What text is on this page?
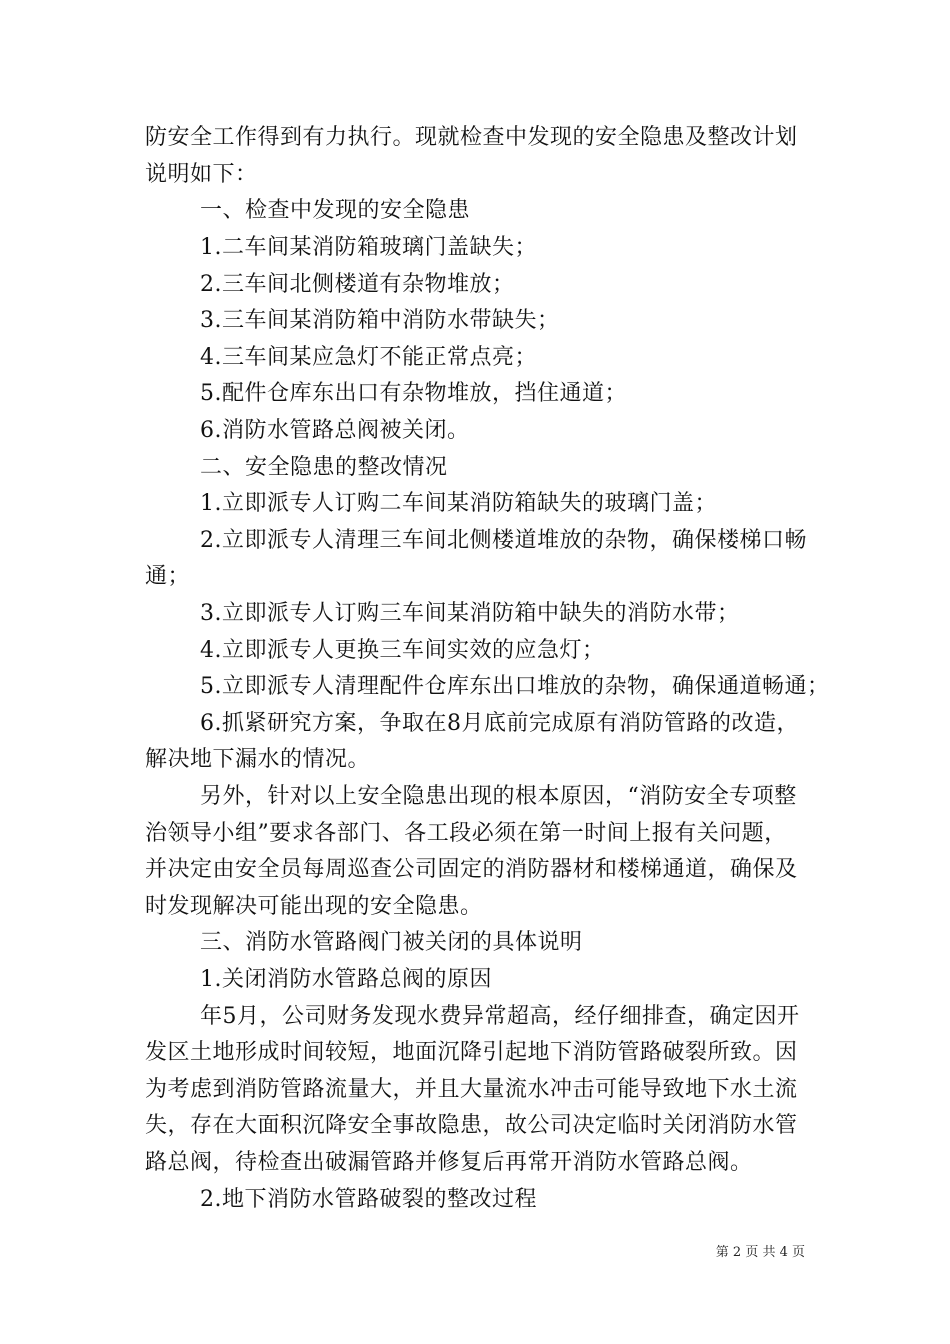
防安全工作得到有力执行。现就检查中发现的安全隐患及整改计划
说明如下：
一、检查中发现的安全隐患
1.二车间某消防箱玻璃门盖缺失；
2.三车间北侧楼道有杂物堆放；
3.三车间某消防箱中消防水带缺失；
4.三车间某应急灯不能正常点亮；
5.配件仓库东出口有杂物堆放，挡住通道；
6.消防水管路总阀被关闭。
二、安全隐患的整改情况
1.立即派专人订购二车间某消防箱缺失的玻璃门盖；
2.立即派专人清理三车间北侧楼道堆放的杂物，确保楼梯口畅
通；
3.立即派专人订购三车间某消防箱中缺失的消防水带；
4.立即派专人更换三车间实效的应急灯；
5.立即派专人清理配件仓库东出口堆放的杂物，确保通道畅通；
6.抓紧研究方案，争取在8月底前完成原有消防管路的改造，
解决地下漏水的情况。
另外，针对以上安全隐患出现的根本原因，“消防安全专项整
治领导小组”要求各部门、各工段必须在第一时间上报有关问题，
并决定由安全员每周巡查公司固定的消防器材和楼梯通道，确保及
时发现解决可能出现的安全隐患。
三、消防水管路阀门被关闭的具体说明
1.关闭消防水管路总阀的原因
年5月，公司财务发现水费异常超高，经仔细排查，确定因开
发区土地形成时间较短，地面沉降引起地下消防管路破裂所致。因
为考虑到消防管路流量大，并且大量流水冲击可能导致地下水土流
失，存在大面积沉降安全事故隐患，故公司决定临时关闭消防水管
路总阀，待检查出破漏管路并修复后再常开消防水管路总阀。
2.地下消防水管路破裂的整改过程
第 2 页 共 4 页
